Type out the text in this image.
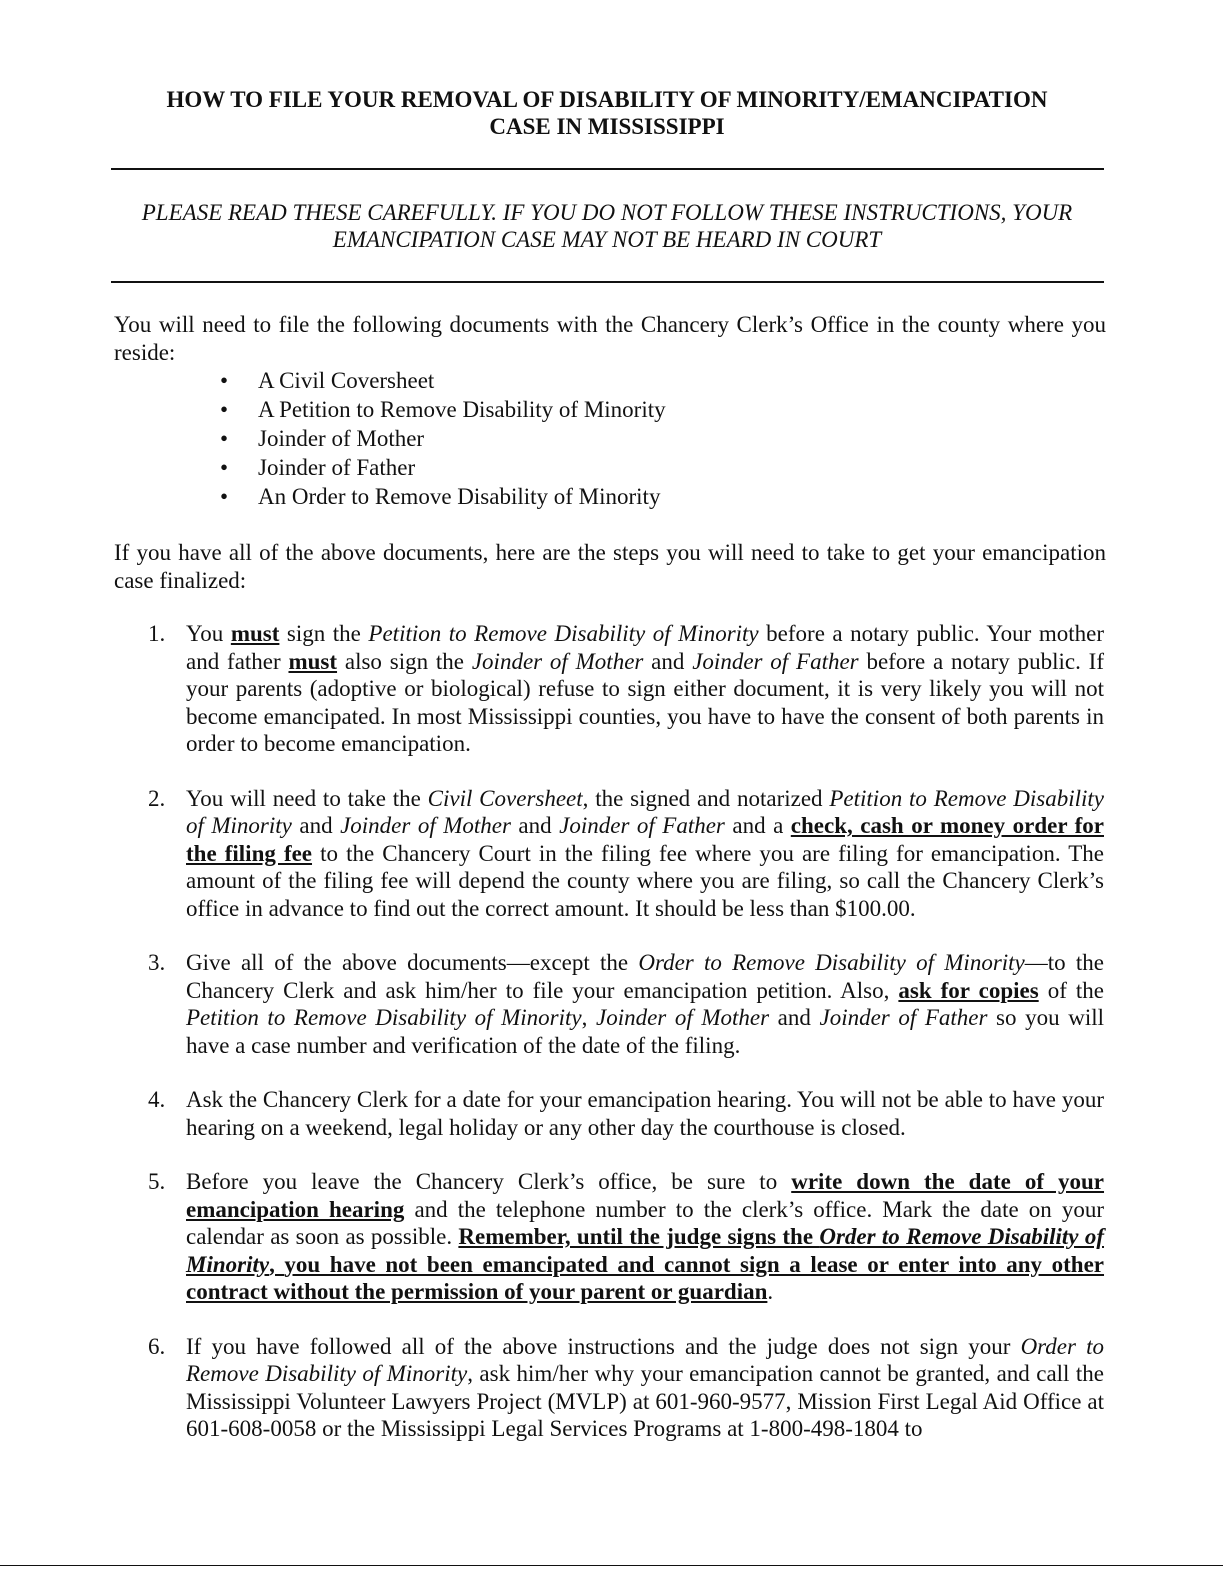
HOW TO FILE YOUR REMOVAL OF DISABILITY OF MINORITY/EMANCIPATION
CASE IN MISSISSIPPI
PLEASE READ THESE CAREFULLY. IF YOU DO NOT FOLLOW THESE INSTRUCTIONS, YOUR
EMANCIPATION CASE MAY NOT BE HEARD IN COURT
You will need to file the following documents with the Chancery Clerk’s Office in the county where you reside:
• A Civil Coversheet
• A Petition to Remove Disability of Minority
• Joinder of Mother
• Joinder of Father
• An Order to Remove Disability of Minority
If you have all of the above documents, here are the steps you will need to take to get your emancipation case finalized:
1. You must sign the Petition to Remove Disability of Minority before a notary public. Your mother and father must also sign the Joinder of Mother and Joinder of Father before a notary public. If your parents (adoptive or biological) refuse to sign either document, it is very likely you will not become emancipated. In most Mississippi counties, you have to have the consent of both parents in order to become emancipation.
2. You will need to take the Civil Coversheet, the signed and notarized Petition to Remove Disability of Minority and Joinder of Mother and Joinder of Father and a check, cash or money order for the filing fee to the Chancery Court in the filing fee where you are filing for emancipation. The amount of the filing fee will depend the county where you are filing, so call the Chancery Clerk’s office in advance to find out the correct amount. It should be less than $100.00.
3. Give all of the above documents—except the Order to Remove Disability of Minority—to the Chancery Clerk and ask him/her to file your emancipation petition. Also, ask for copies of the Petition to Remove Disability of Minority, Joinder of Mother and Joinder of Father so you will have a case number and verification of the date of the filing.
4. Ask the Chancery Clerk for a date for your emancipation hearing. You will not be able to have your hearing on a weekend, legal holiday or any other day the courthouse is closed.
5. Before you leave the Chancery Clerk’s office, be sure to write down the date of your emancipation hearing and the telephone number to the clerk’s office. Mark the date on your calendar as soon as possible. Remember, until the judge signs the Order to Remove Disability of Minority, you have not been emancipated and cannot sign a lease or enter into any other contract without the permission of your parent or guardian.
6. If you have followed all of the above instructions and the judge does not sign your Order to Remove Disability of Minority, ask him/her why your emancipation cannot be granted, and call the Mississippi Volunteer Lawyers Project (MVLP) at 601-960-9577, Mission First Legal Aid Office at 601-608-0058 or the Mississippi Legal Services Programs at 1-800-498-1804 to
